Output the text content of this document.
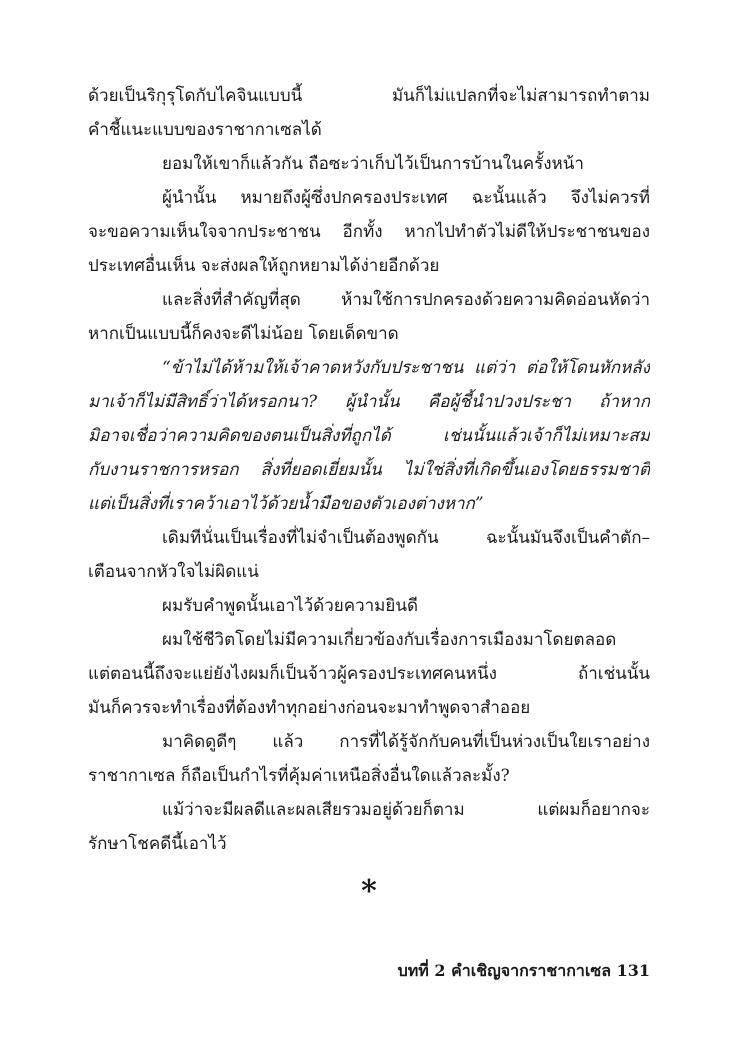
ด้วยเป็นริกุรุโดกับไคจินแบบนี้ มันก็ไม่แปลกที่จะไม่สามารถทำตาม
คำชี้แนะแบบของราชากาเซลได้
ยอมให้เขาก็แล้วกัน ถือซะว่าเก็บไว้เป็นการบ้านในครั้งหน้า
ผู้นำนั้น หมายถึงผู้ซึ่งปกครองประเทศ ฉะนั้นแล้ว จึงไม่ควรที่
จะขอความเห็นใจจากประชาชน อีกทั้ง หากไปทำตัวไม่ดีให้ประชาชนของ
ประเทศอื่นเห็น จะส่งผลให้ถูกหยามได้ง่ายอีกด้วย
และสิ่งที่สำคัญที่สุด ห้ามใช้การปกครองด้วยความคิดอ่อนหัดว่า
หากเป็นแบบนี้ก็คงจะดีไม่น้อย โดยเด็ดขาด
“ข้าไม่ได้ห้ามให้เจ้าคาดหวังกับประชาชน แต่ว่า ต่อให้โดนหักหลัง
มาเจ้าก็ไม่มีสิทธิ์ว่าได้หรอกนา? ผู้นำนั้น คือผู้ชี้นำปวงประชา ถ้าหาก
มิอาจเชื่อว่าความคิดของตนเป็นสิ่งที่ถูกได้ เช่นนั้นแล้วเจ้าก็ไม่เหมาะสม
กับงานราชการหรอก สิ่งที่ยอดเยี่ยมนั้น ไม่ใช่สิ่งที่เกิดขึ้นเองโดยธรรมชาติ
แต่เป็นสิ่งที่เราคว้าเอาไว้ด้วยน้ำมือของตัวเองต่างหาก”
เดิมทีนั่นเป็นเรื่องที่ไม่จำเป็นต้องพูดกัน ฉะนั้นมันจึงเป็นคำตัก–
เตือนจากหัวใจไม่ผิดแน่
ผมรับคำพูดนั้นเอาไว้ด้วยความยินดี
ผมใช้ชีวิตโดยไม่มีความเกี่ยวข้องกับเรื่องการเมืองมาโดยตลอด
แต่ตอนนี้ถึงจะแย่ยังไงผมก็เป็นจ้าวผู้ครองประเทศคนหนึ่ง ถ้าเช่นนั้น
มันก็ควรจะทำเรื่องที่ต้องทำทุกอย่างก่อนจะมาทำพูดจาสำออย
มาคิดดูดีๆ แล้ว การที่ได้รู้จักกับคนที่เป็นห่วงเป็นใยเราอย่าง
ราชากาเซล ก็ถือเป็นกำไรที่คุ้มค่าเหนือสิ่งอื่นใดแล้วละมั้ง?
แม้ว่าจะมีผลดีและผลเสียรวมอยู่ด้วยก็ตาม แต่ผมก็อยากจะ
รักษาโชคดีนี้เอาไว้
*
บทที่ 2 คำเชิญจากราชากาเซล 131
